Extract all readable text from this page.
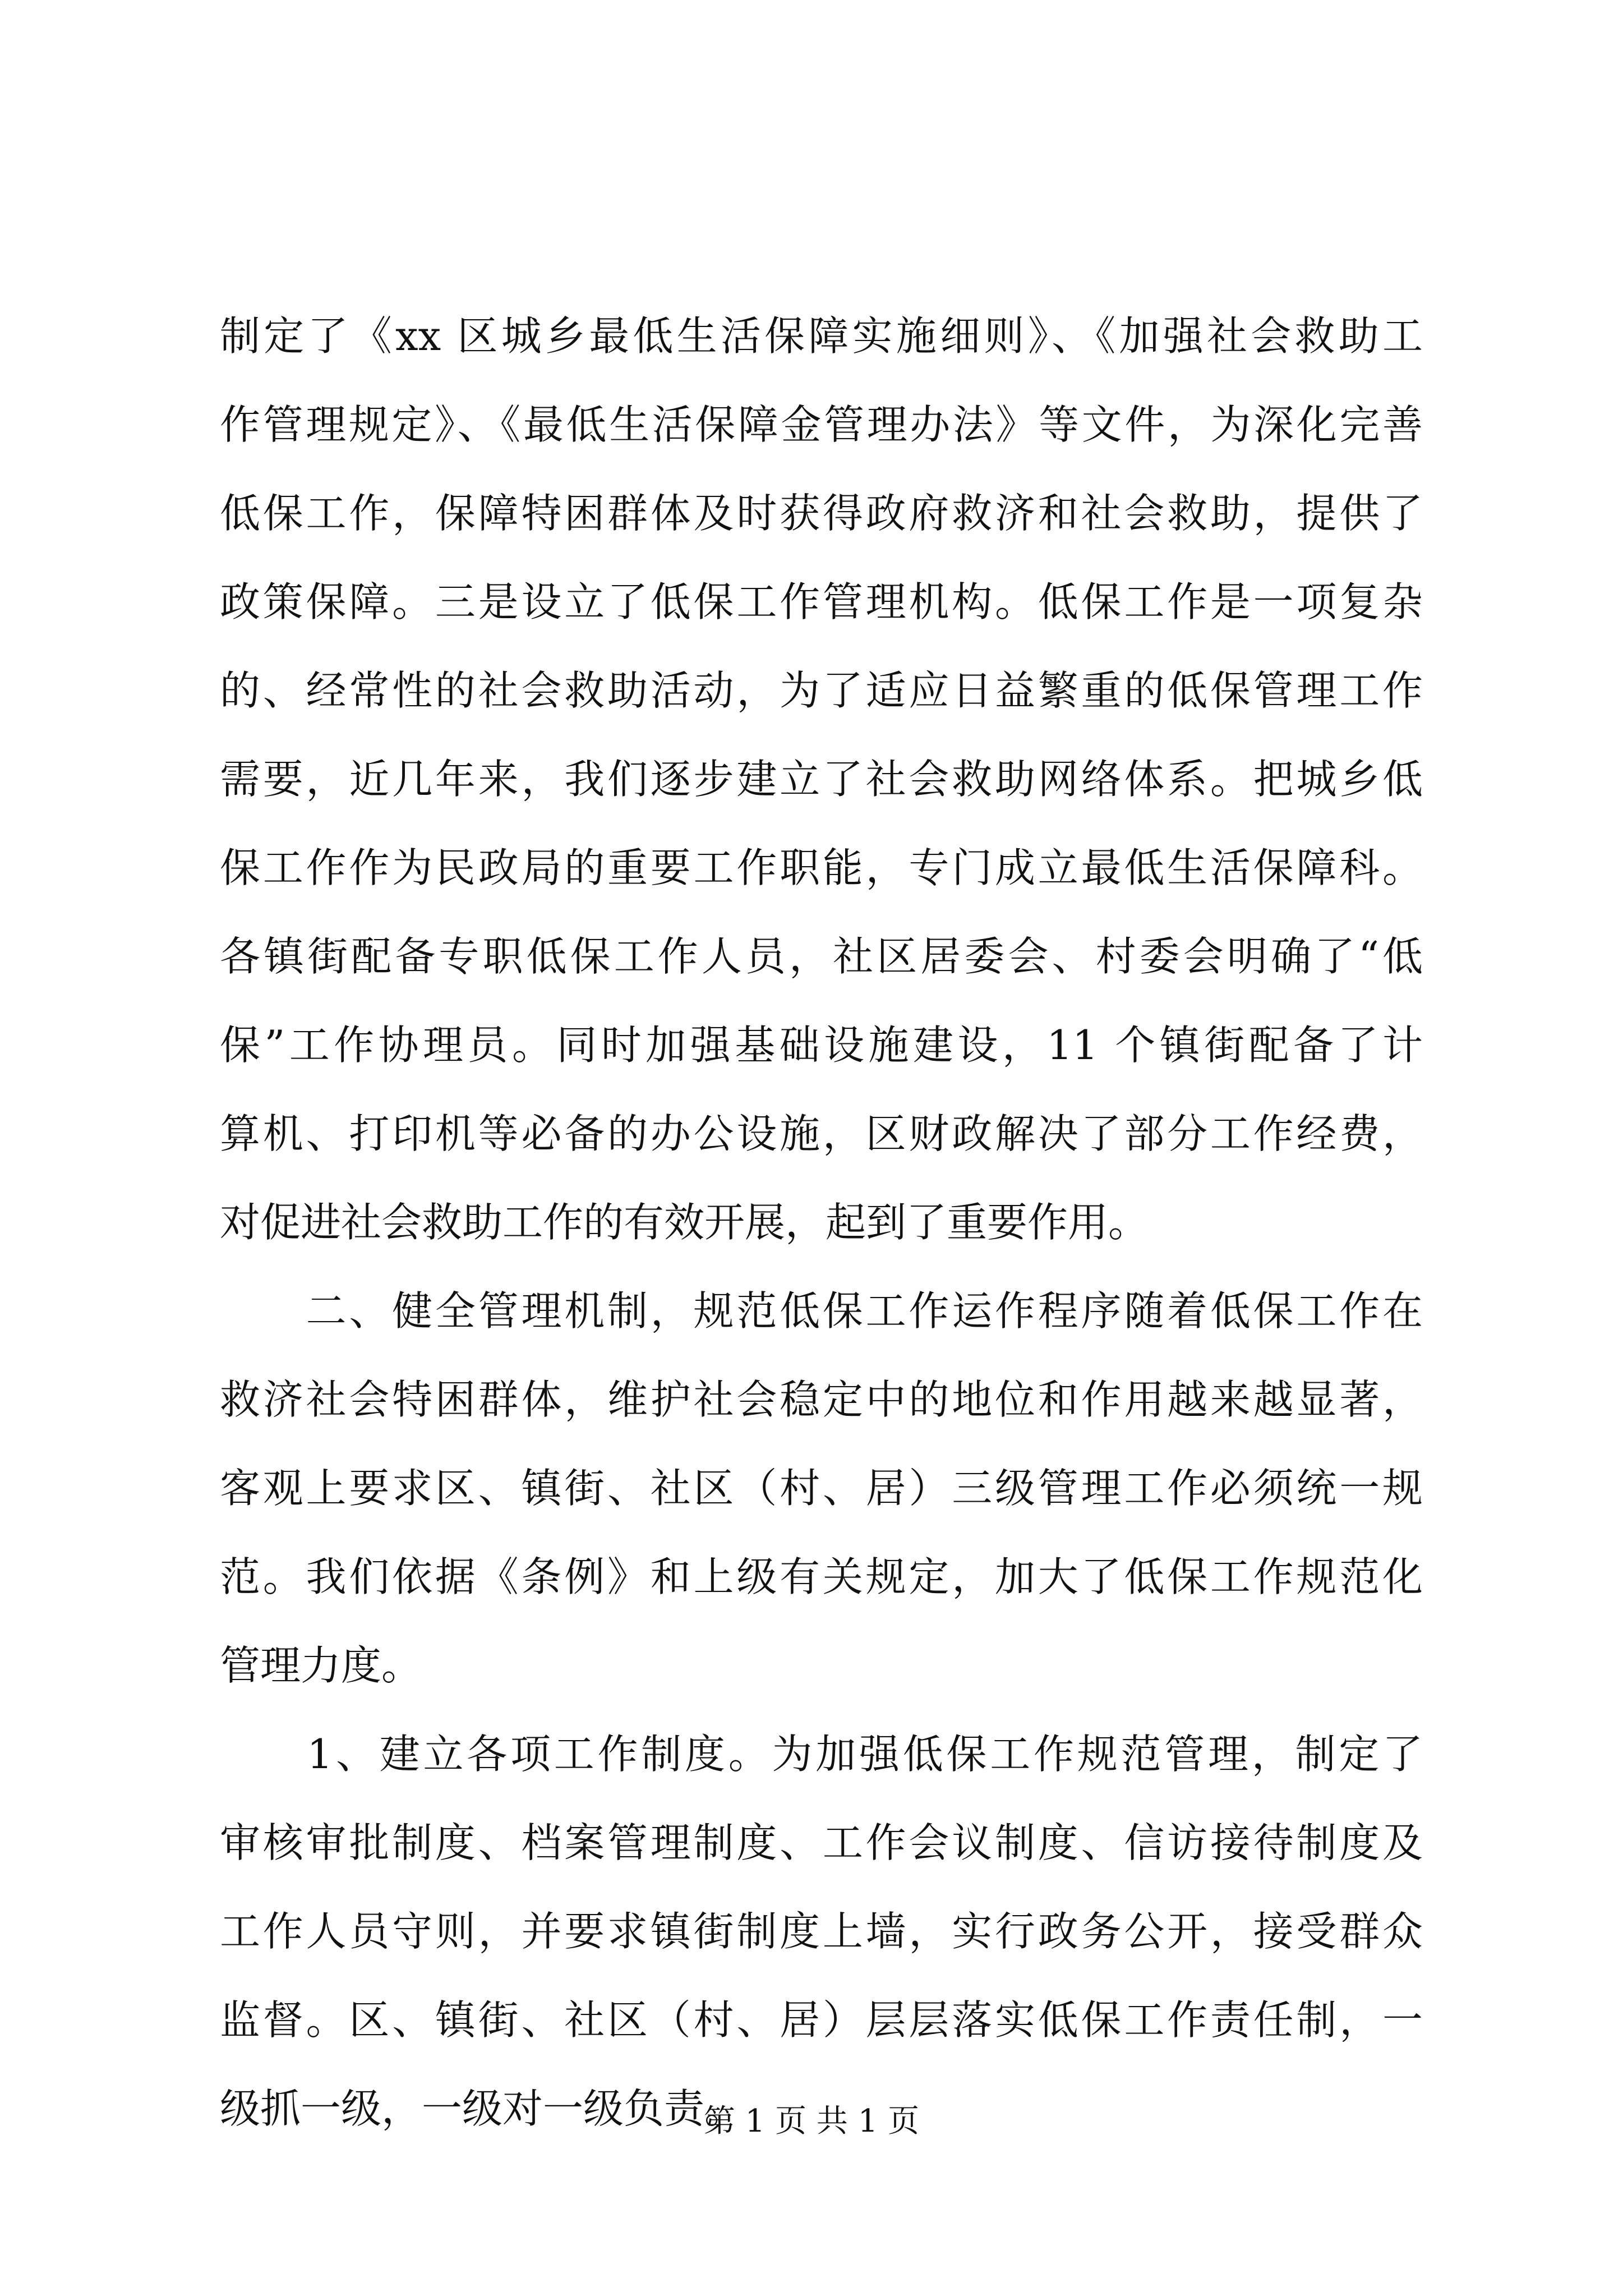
制定了《xx 区城乡最低生活保障实施细则》、《加强社会救助工
作管理规定》、《最低生活保障金管理办法》等文件，为深化完善
低保工作，保障特困群体及时获得政府救济和社会救助，提供了
政策保障。三是设立了低保工作管理机构。低保工作是一项复杂
的、经常性的社会救助活动，为了适应日益繁重的低保管理工作
需要，近几年来，我们逐步建立了社会救助网络体系。把城乡低
保工作作为民政局的重要工作职能，专门成立最低生活保障科。
各镇街配备专职低保工作人员，社区居委会、村委会明确了“低
保”工作协理员。同时加强基础设施建设，11 个镇街配备了计
算机、打印机等必备的办公设施，区财政解决了部分工作经费，
对促进社会救助工作的有效开展，起到了重要作用。
　　二、健全管理机制，规范低保工作运作程序随着低保工作在
救济社会特困群体，维护社会稳定中的地位和作用越来越显著，
客观上要求区、镇街、社区（村、居）三级管理工作必须统一规
范。我们依据《条例》和上级有关规定，加大了低保工作规范化
管理力度。
　　1、建立各项工作制度。为加强低保工作规范管理，制定了
审核审批制度、档案管理制度、工作会议制度、信访接待制度及
工作人员守则，并要求镇街制度上墙，实行政务公开，接受群众
监督。区、镇街、社区（村、居）层层落实低保工作责任制，一
级抓一级，一级对一级负责。
第 1 页 共 1 页
